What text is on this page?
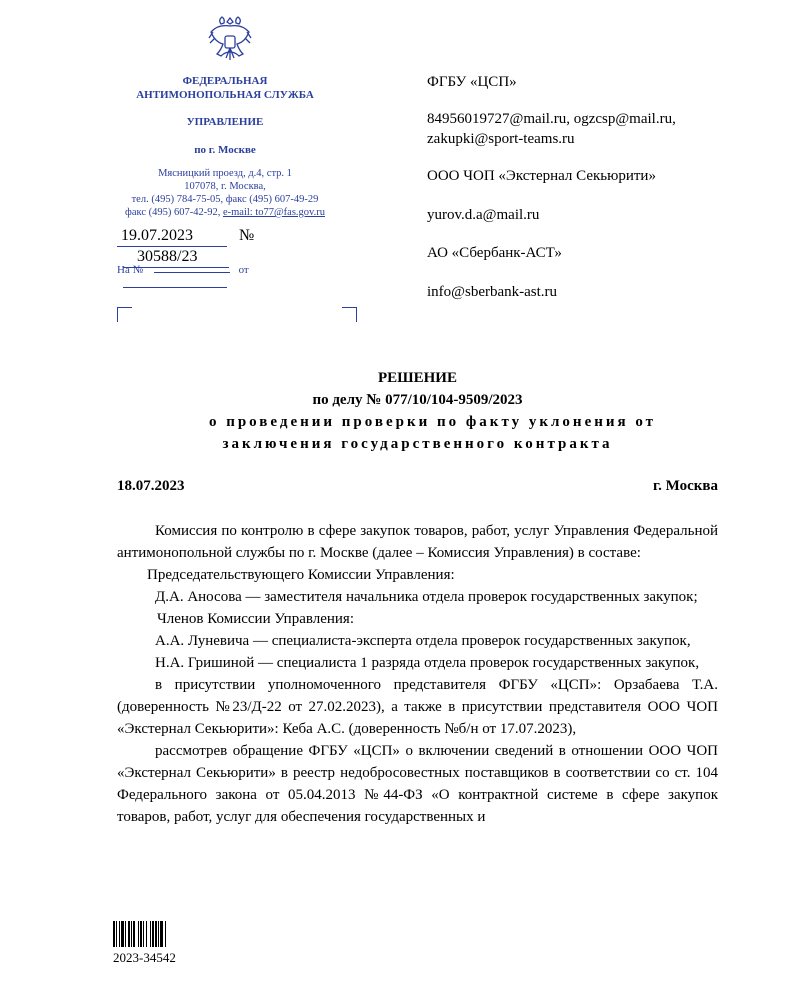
ФЕДЕРАЛЬНАЯ
АНТИМОНОПОЛЬНАЯ СЛУЖБА
УПРАВЛЕНИЕ
по г. Москве
Мясницкий проезд, д.4, стр. 1
107078, г. Москва,
тел. (495) 784-75-05, факс (495) 607-49-29
факс (495) 607-42-92, e-mail: to77@fas.gov.ru
19.07.2023	№ 30588/23
На №	от
ФГБУ «ЦСП»
84956019727@mail.ru, ogzcsp@mail.ru,
zakupki@sport-teams.ru
ООО ЧОП «Экстернал Секьюрити»
yurov.d.a@mail.ru
АО «Сбербанк-АСТ»
info@sberbank-ast.ru
РЕШЕНИЕ
по делу № 077/10/104-9509/2023
о проведении проверки по факту уклонения от
заключения государственного контракта
18.07.2023	г. Москва

Комиссия по контролю в сфере закупок товаров, работ, услуг Управления Федеральной антимонопольной службы по г. Москве (далее – Комиссия Управления) в составе:

Председательствующего Комиссии Управления:

Д.А. Аносова — заместителя начальника отдела проверок государственных закупок;

Членов Комиссии Управления:

А.А. Луневича — специалиста-эксперта отдела проверок государственных закупок,

Н.А. Гришиной — специалиста 1 разряда отдела проверок государственных закупок,

в присутствии уполномоченного представителя ФГБУ «ЦСП»: Орзабаева Т.А. (доверенность №23/Д-22 от 27.02.2023), а также в присутствии представителя ООО ЧОП «Экстернал Секьюрити»: Кеба А.С. (доверенность №б/н от 17.07.2023),

рассмотрев обращение ФГБУ «ЦСП» о включении сведений в отношении ООО ЧОП «Экстернал Секьюрити» в реестр недобросовестных поставщиков в соответствии со ст. 104 Федерального закона от 05.04.2013 №44-ФЗ «О контрактной системе в сфере закупок товаров, работ, услуг для обеспечения государственных и

2023-34542
